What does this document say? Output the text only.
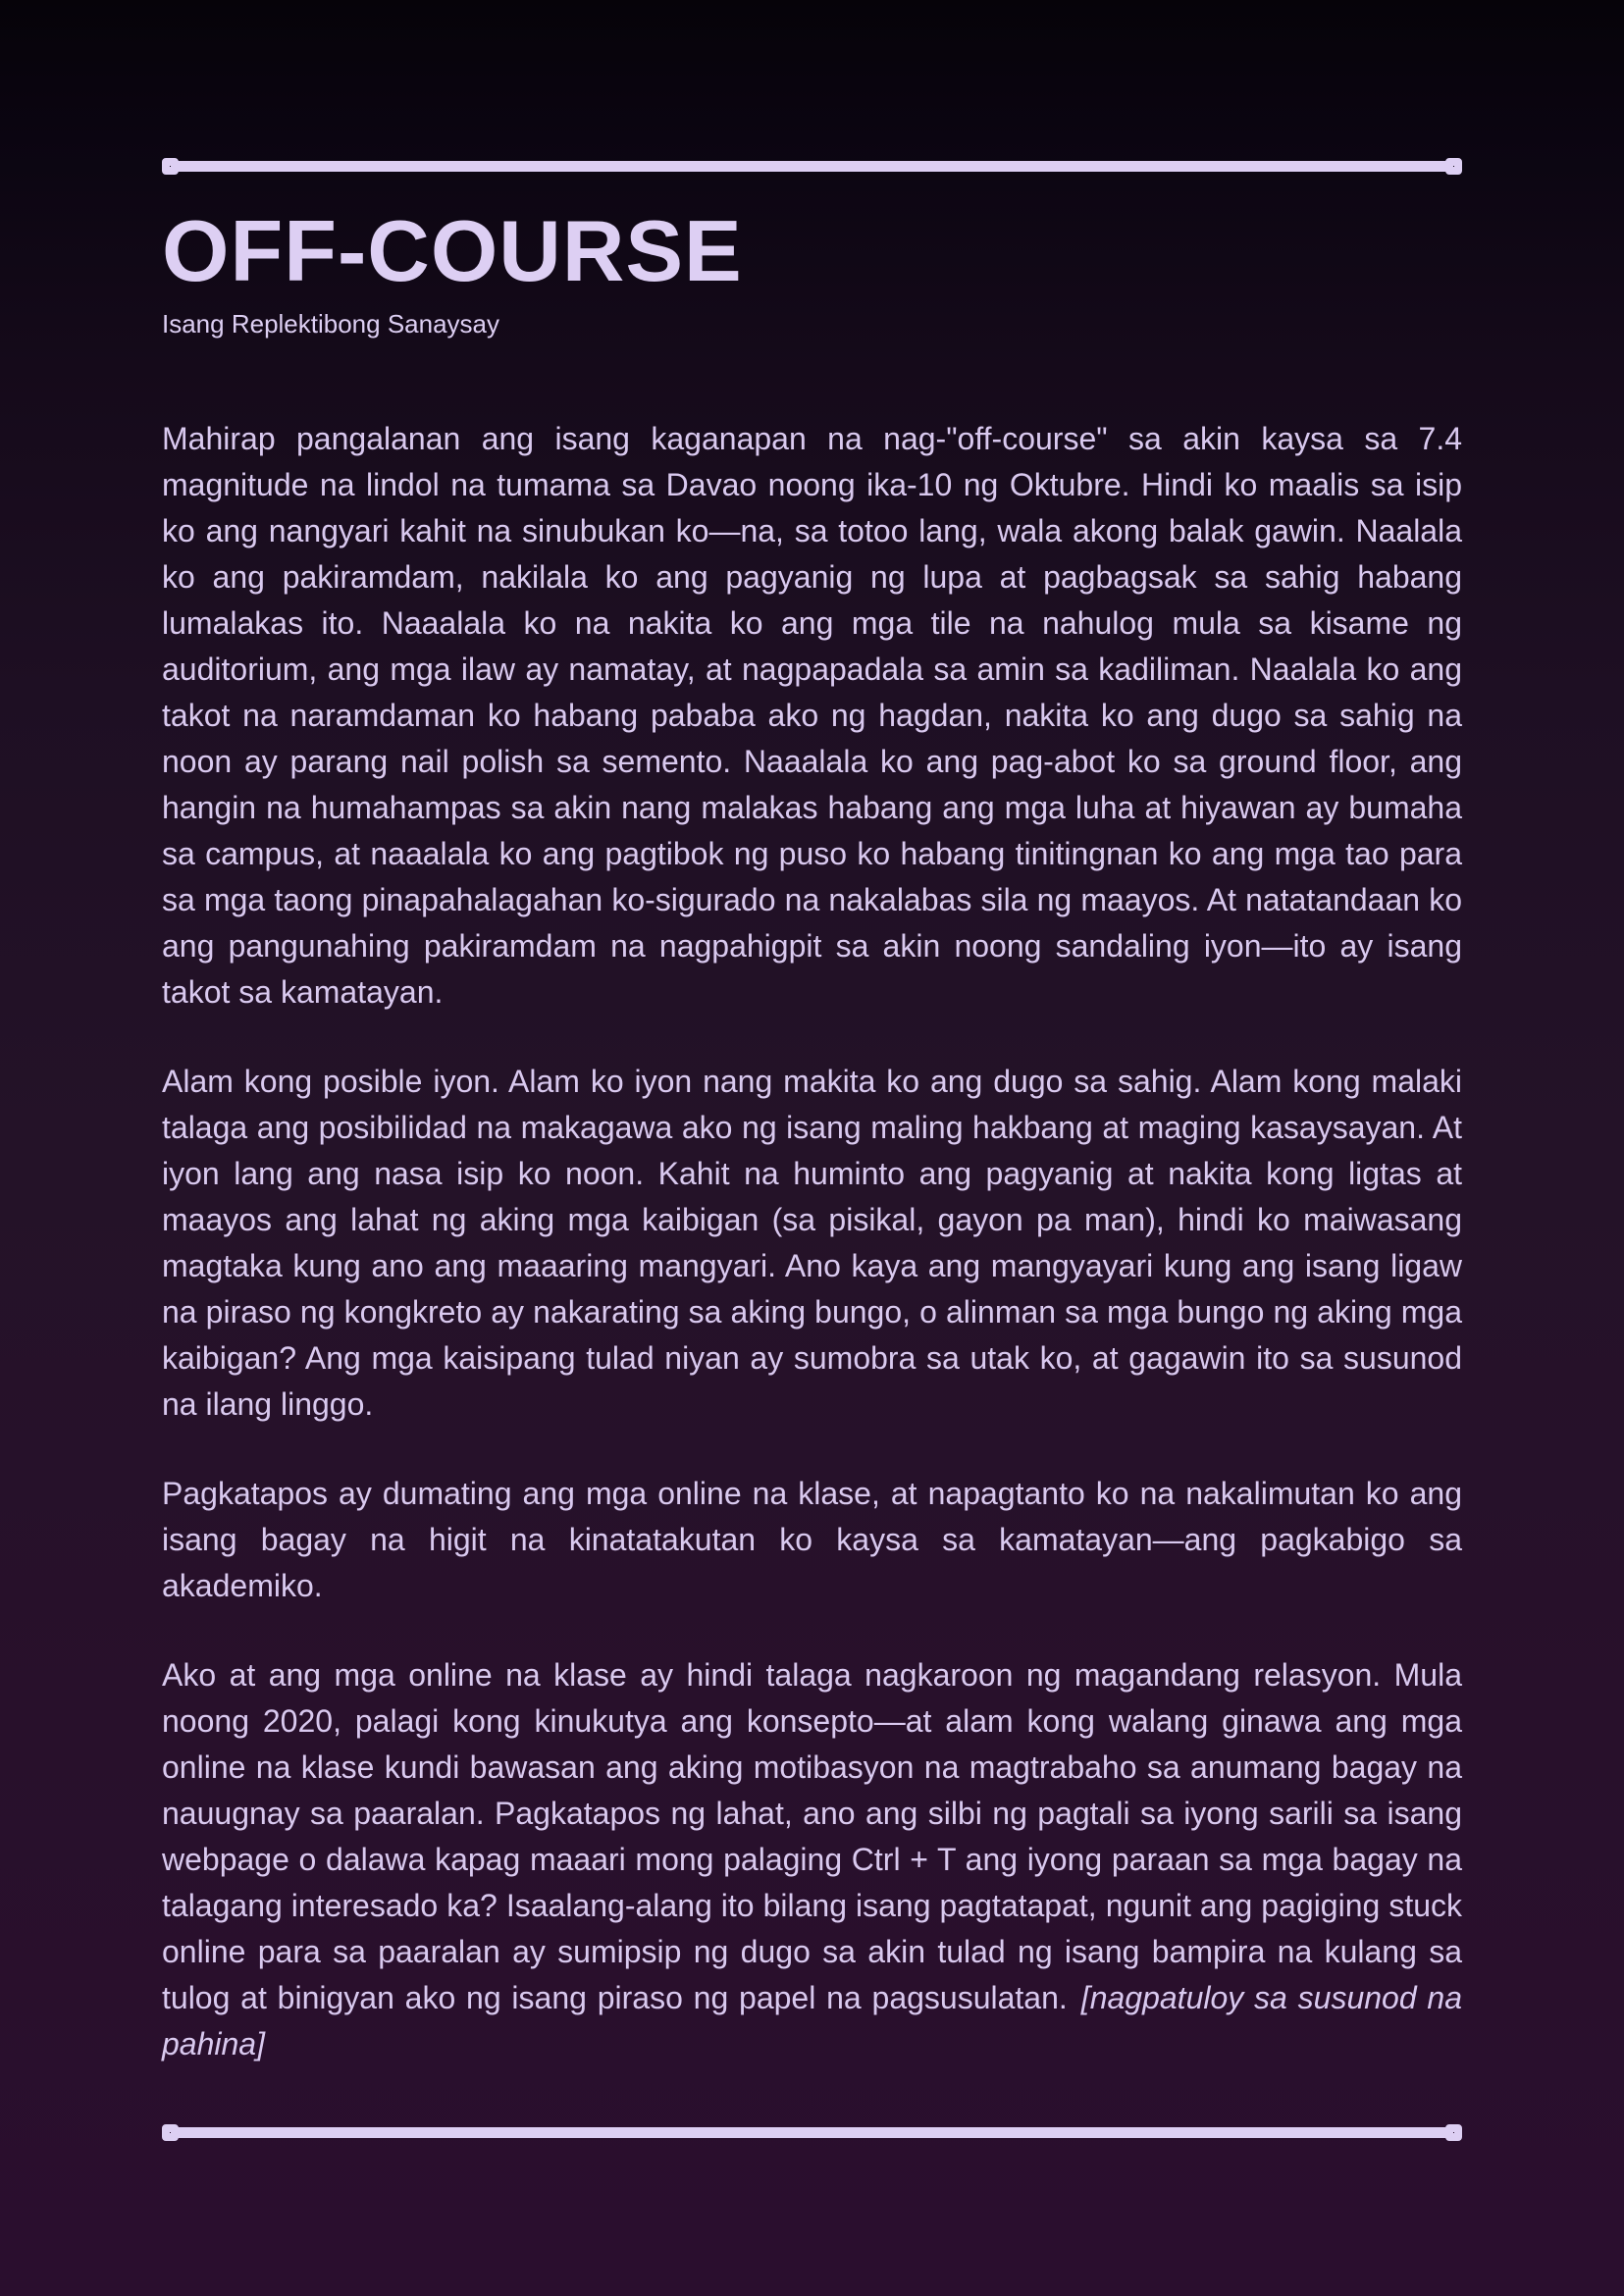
OFF-COURSE
Isang Replektibong Sanaysay

Mahirap pangalanan ang isang kaganapan na nag-"off-course" sa akin kaysa sa 7.4 magnitude na lindol na tumama sa Davao noong ika-10 ng Oktubre. Hindi ko maalis sa isip ko ang nangyari kahit na sinubukan ko—na, sa totoo lang, wala akong balak gawin. Naalala ko ang pakiramdam, nakilala ko ang pagyanig ng lupa at pagbagsak sa sahig habang lumalakas ito. Naaalala ko na nakita ko ang mga tile na nahulog mula sa kisame ng auditorium, ang mga ilaw ay namatay, at nagpapadala sa amin sa kadiliman. Naalala ko ang takot na naramdaman ko habang pababa ako ng hagdan, nakita ko ang dugo sa sahig na noon ay parang nail polish sa semento. Naaalala ko ang pag-abot ko sa ground floor, ang hangin na humahampas sa akin nang malakas habang ang mga luha at hiyawan ay bumaha sa campus, at naaalala ko ang pagtibok ng puso ko habang tinitingnan ko ang mga tao para sa mga taong pinapahalagahan ko-sigurado na nakalabas sila ng maayos. At natatandaan ko ang pangunahing pakiramdam na nagpahigpit sa akin noong sandaling iyon—ito ay isang takot sa kamatayan.

Alam kong posible iyon. Alam ko iyon nang makita ko ang dugo sa sahig. Alam kong malaki talaga ang posibilidad na makagawa ako ng isang maling hakbang at maging kasaysayan. At iyon lang ang nasa isip ko noon. Kahit na huminto ang pagyanig at nakita kong ligtas at maayos ang lahat ng aking mga kaibigan (sa pisikal, gayon pa man), hindi ko maiwasang magtaka kung ano ang maaaring mangyari. Ano kaya ang mangyayari kung ang isang ligaw na piraso ng kongkreto ay nakarating sa aking bungo, o alinman sa mga bungo ng aking mga kaibigan? Ang mga kaisipang tulad niyan ay sumobra sa utak ko, at gagawin ito sa susunod na ilang linggo.

Pagkatapos ay dumating ang mga online na klase, at napagtanto ko na nakalimutan ko ang isang bagay na higit na kinatatakutan ko kaysa sa kamatayan—ang pagkabigo sa akademiko.

Ako at ang mga online na klase ay hindi talaga nagkaroon ng magandang relasyon. Mula noong 2020, palagi kong kinukutya ang konsepto—at alam kong walang ginawa ang mga online na klase kundi bawasan ang aking motibasyon na magtrabaho sa anumang bagay na nauugnay sa paaralan. Pagkatapos ng lahat, ano ang silbi ng pagtali sa iyong sarili sa isang webpage o dalawa kapag maaari mong palaging Ctrl + T ang iyong paraan sa mga bagay na talagang interesado ka? Isaalang-alang ito bilang isang pagtatapat, ngunit ang pagiging stuck online para sa paaralan ay sumipsip ng dugo sa akin tulad ng isang bampira na kulang sa tulog at binigyan ako ng isang piraso ng papel na pagsusulatan. [nagpatuloy sa susunod na pahina]
